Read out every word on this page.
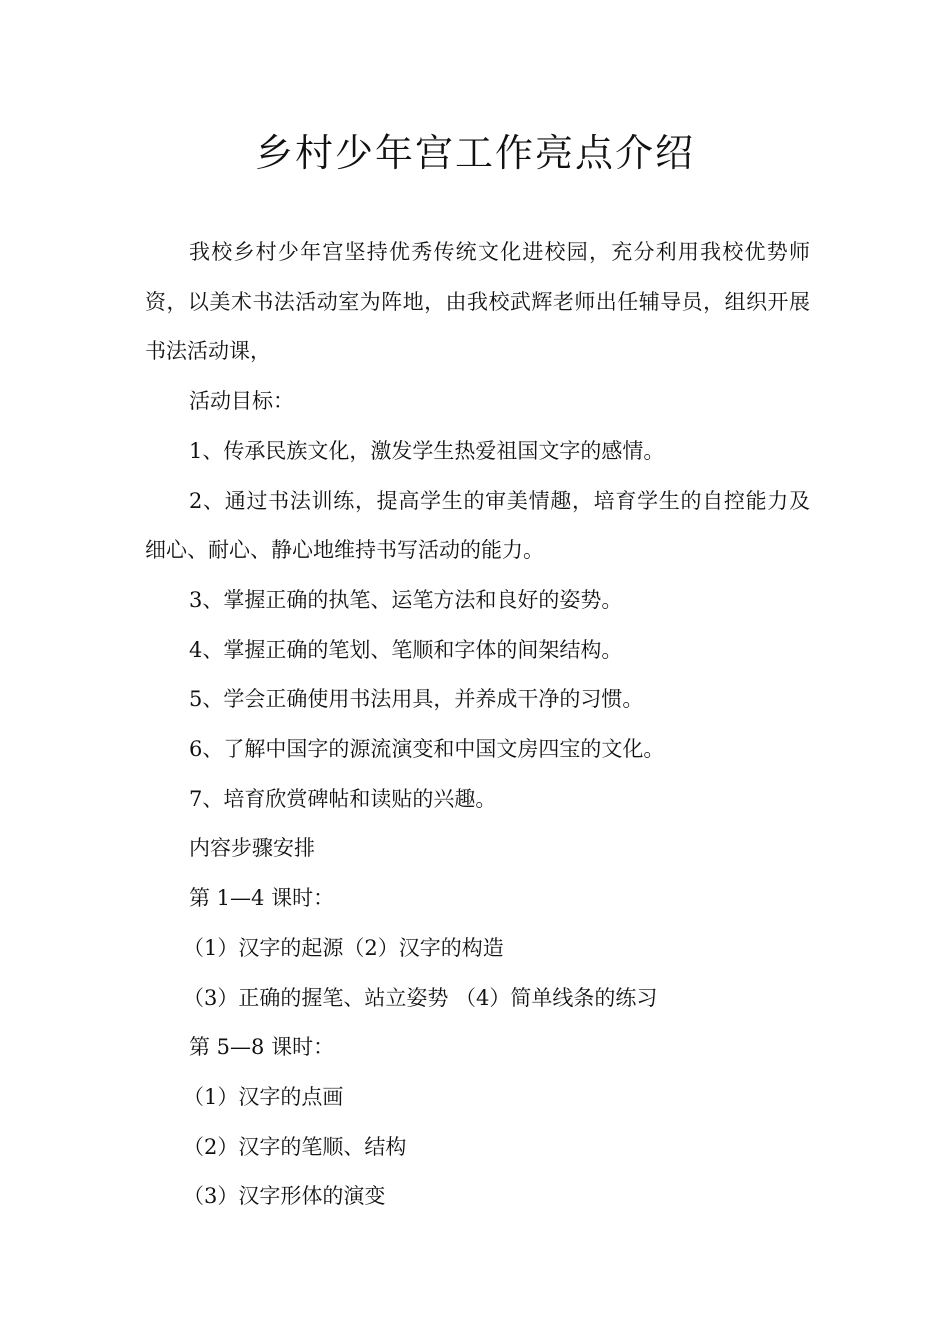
乡村少年宫工作亮点介绍

我校乡村少年宫坚持优秀传统文化进校园，充分利用我校优势师资，以美术书法活动室为阵地，由我校武辉老师出任辅导员，组织开展书法活动课，

活动目标：

1、传承民族文化，激发学生热爱祖国文字的感情。

2、通过书法训练，提高学生的审美情趣，培育学生的自控能力及细心、耐心、静心地维持书写活动的能力。

3、掌握正确的执笔、运笔方法和良好的姿势。

4、掌握正确的笔划、笔顺和字体的间架结构。

5、学会正确使用书法用具，并养成干净的习惯。

6、了解中国字的源流演变和中国文房四宝的文化。

7、培育欣赏碑帖和读贴的兴趣。

内容步骤安排

第 1—4 课时：

（1）汉字的起源（2）汉字的构造

（3）正确的握笔、站立姿势 （4）简单线条的练习

第 5—8 课时：

（1）汉字的点画

（2）汉字的笔顺、结构

（3）汉字形体的演变
